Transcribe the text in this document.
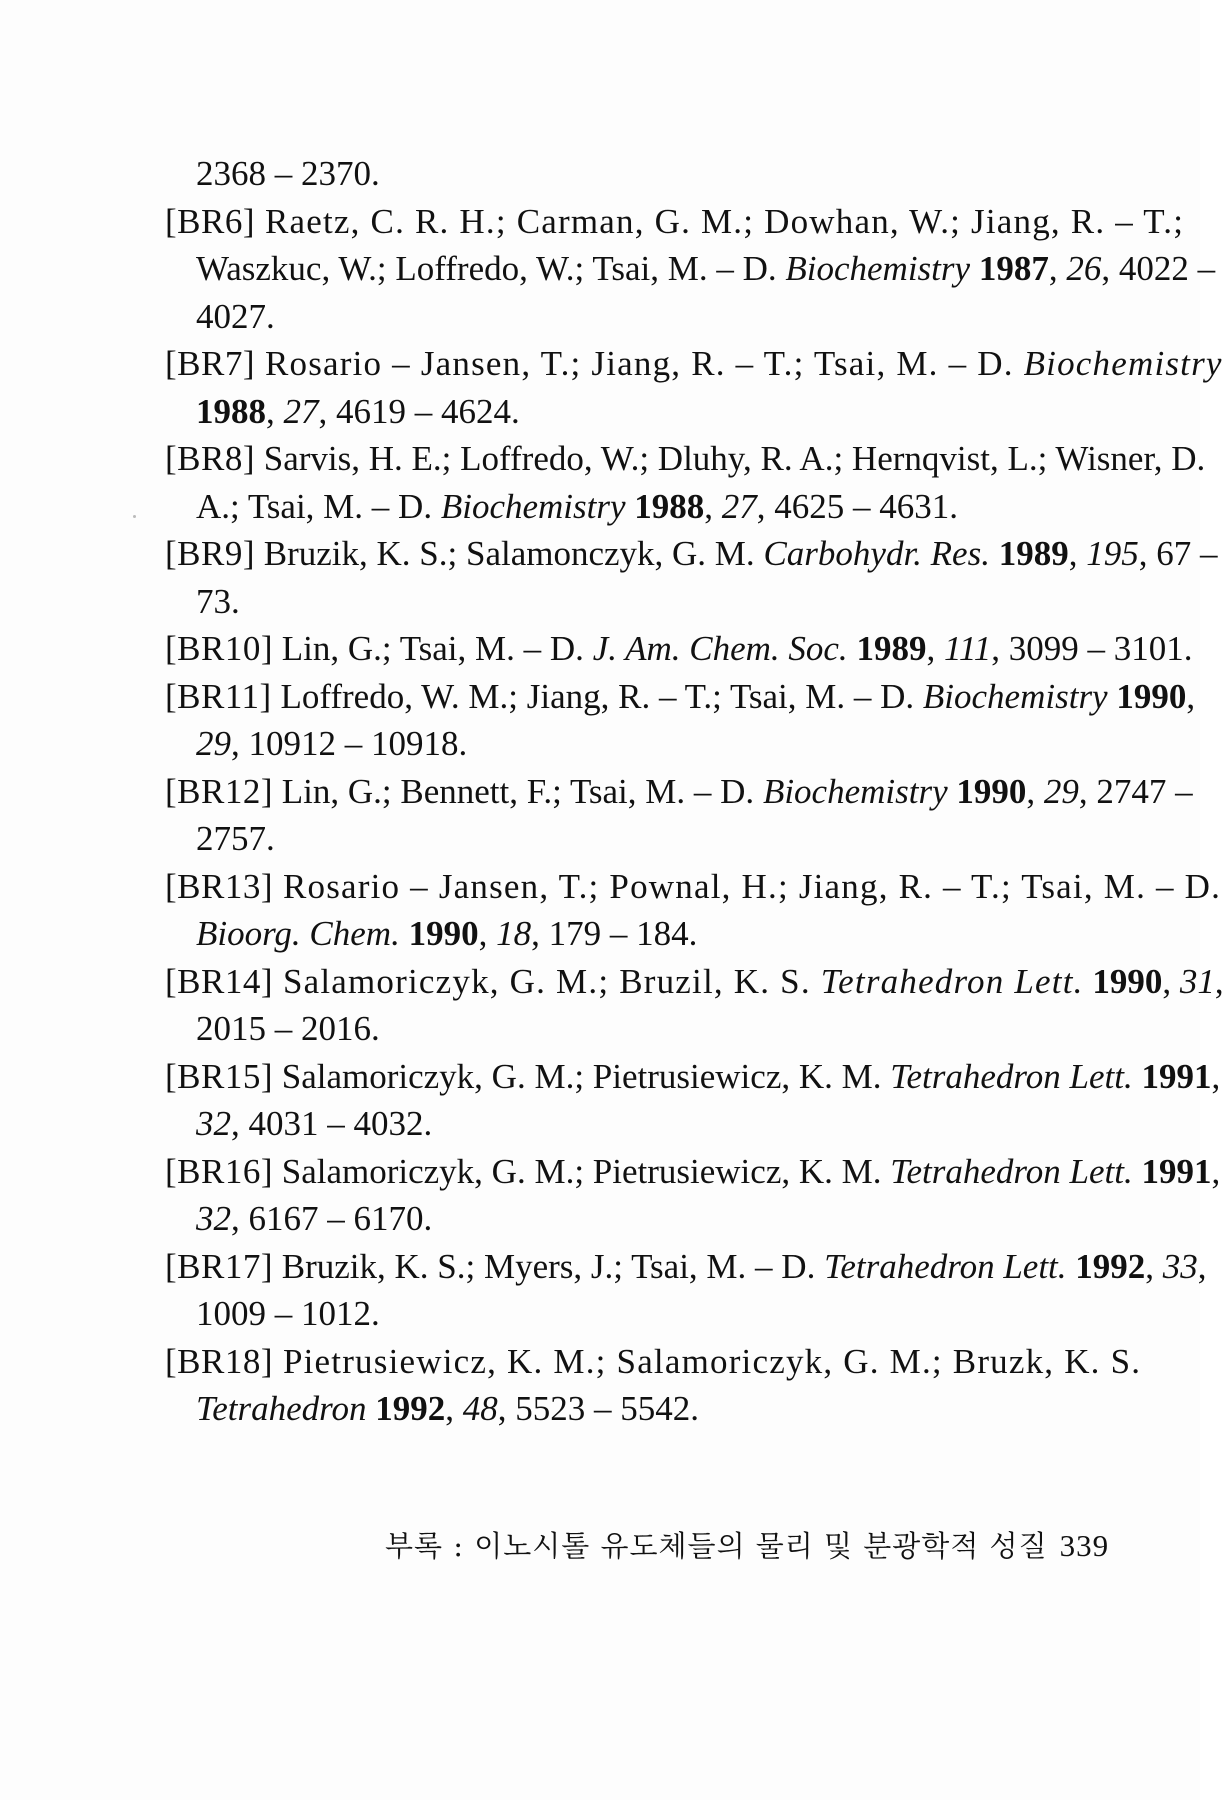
2368 – 2370.
[BR6] Raetz, C. R. H.; Carman, G. M.; Dowhan, W.; Jiang, R. – T.;
Waszkuc, W.; Loffredo, W.; Tsai, M. – D. Biochemistry 1987, 26, 4022 –
4027.
[BR7] Rosario – Jansen, T.; Jiang, R. – T.; Tsai, M. – D. Biochemistry
1988, 27, 4619 – 4624.
[BR8] Sarvis, H. E.; Loffredo, W.; Dluhy, R. A.; Hernqvist, L.; Wisner, D.
A.; Tsai, M. – D. Biochemistry 1988, 27, 4625 – 4631.
[BR9] Bruzik, K. S.; Salamonczyk, G. M. Carbohydr. Res. 1989, 195, 67 –
73.
[BR10] Lin, G.; Tsai, M. – D. J. Am. Chem. Soc. 1989, 111, 3099 – 3101.
[BR11] Loffredo, W. M.; Jiang, R. – T.; Tsai, M. – D. Biochemistry 1990,
29, 10912 – 10918.
[BR12] Lin, G.; Bennett, F.; Tsai, M. – D. Biochemistry 1990, 29, 2747 –
2757.
[BR13] Rosario – Jansen, T.; Pownal, H.; Jiang, R. – T.; Tsai, M. – D.
Bioorg. Chem. 1990, 18, 179 – 184.
[BR14] Salamoriczyk, G. M.; Bruzil, K. S. Tetrahedron Lett. 1990, 31,
2015 – 2016.
[BR15] Salamoriczyk, G. M.; Pietrusiewicz, K. M. Tetrahedron Lett. 1991,
32, 4031 – 4032.
[BR16] Salamoriczyk, G. M.; Pietrusiewicz, K. M. Tetrahedron Lett. 1991,
32, 6167 – 6170.
[BR17] Bruzik, K. S.; Myers, J.; Tsai, M. – D. Tetrahedron Lett. 1992, 33,
1009 – 1012.
[BR18] Pietrusiewicz, K. M.; Salamoriczyk, G. M.; Bruzk, K. S.
Tetrahedron 1992, 48, 5523 – 5542.
부록 : 이노시톨 유도체들의 물리 및 분광학적 성질 339
